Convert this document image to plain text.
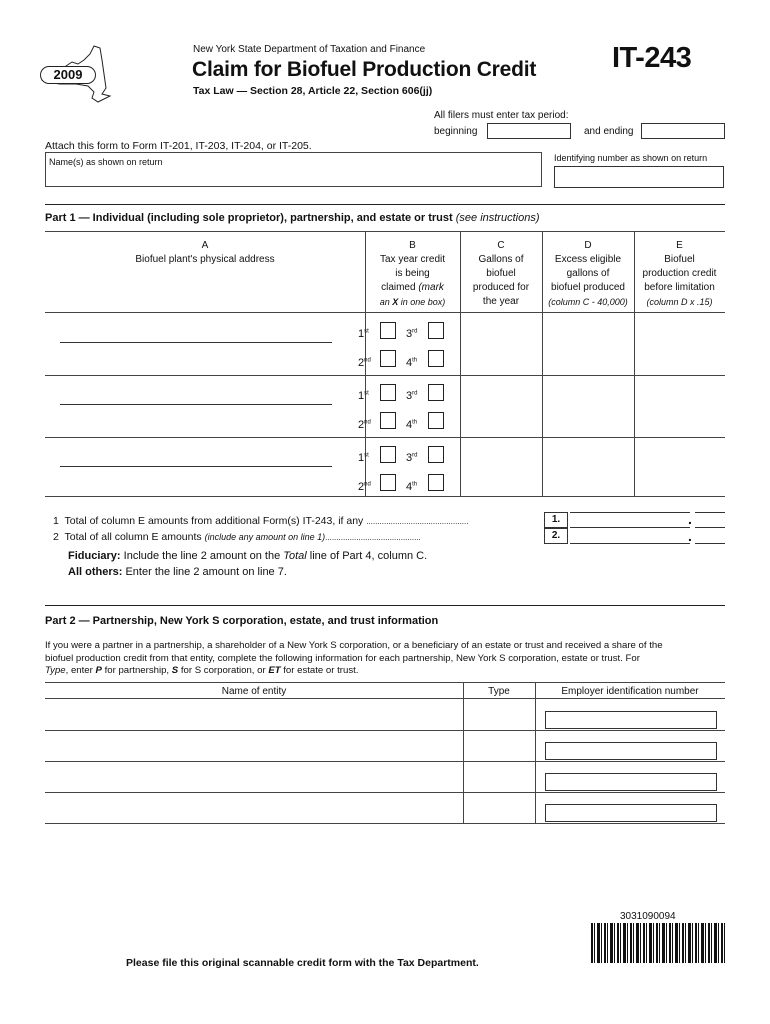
2009
New York State Department of Taxation and Finance
Claim for Biofuel Production Credit
Tax Law — Section 28, Article 22, Section 606(jj)
IT-243
All filers must enter tax period:
beginning	and ending
Attach this form to Form IT-201, IT-203, IT-204, or IT-205.
Name(s) as shown on return	Identifying number as shown on return
Part 1 — Individual (including sole proprietor), partnership, and estate or trust (see instructions)
A
Biofuel plant's physical address
B
Tax year credit
is being
claimed (mark
an X in one box)
C
Gallons of
biofuel
produced for
the year
D
Excess eligible
gallons of
biofuel produced
(column C - 40,000)
E
Biofuel
production credit
before limitation
(column D x .15)
1st	3rd
2nd	4th
1st	3rd
2nd	4th
1st	3rd
2nd	4th
1 Total of column E amounts from additional Form(s) IT-243, if any ..............................................	1.	.
2 Total of all column E amounts (include any amount on line 1)...........................................	2.	.
Fiduciary: Include the line 2 amount on the Total line of Part 4, column C.
All others: Enter the line 2 amount on line 7.
Part 2 — Partnership, New York S corporation, estate, and trust information
If you were a partner in a partnership, a shareholder of a New York S corporation, or a beneficiary of an estate or trust and received a share of the
biofuel production credit from that entity, complete the following information for each partnership, New York S corporation, estate or trust. For
Type, enter P for partnership, S for S corporation, or ET for estate or trust.
Name of entity	Type	Employer identification number
3031090094
Please file this original scannable credit form with the Tax Department.
